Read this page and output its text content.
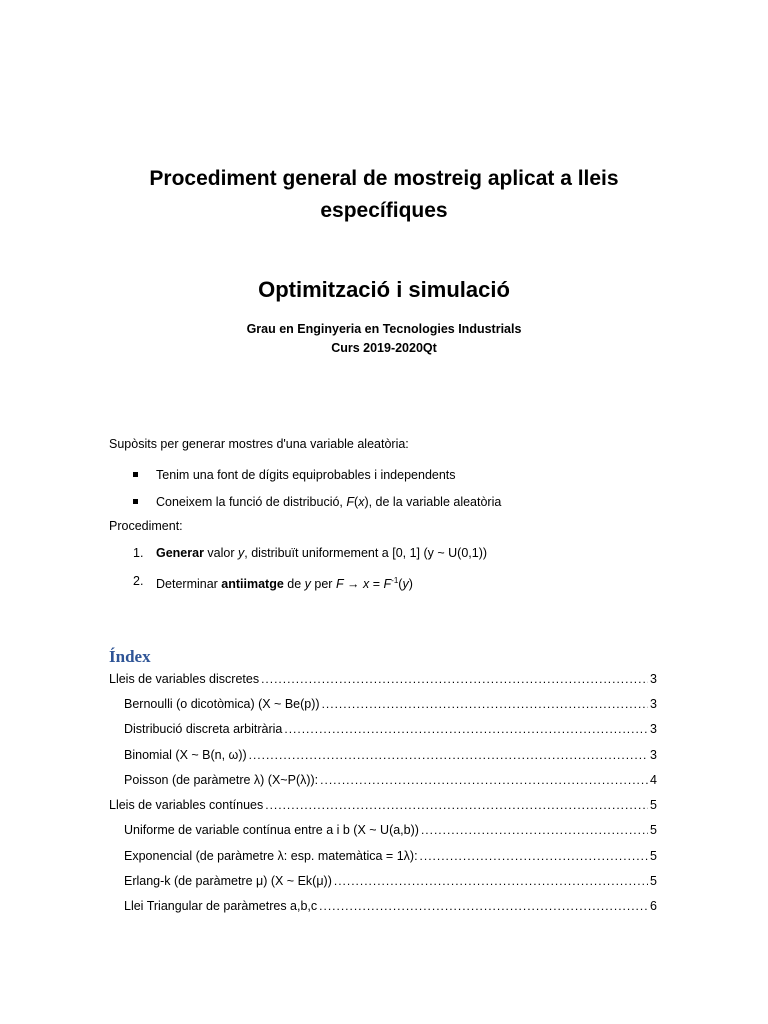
Procediment general de mostreig aplicat a lleis
específiques
Optimització i simulació

Grau en Enginyeria en Tecnologies Industrials

Curs 2019-2020Qt

Supòsits per generar mostres d'una variable aleatòria:
Tenim una font de dígits equiprobables i independents
Coneixem la funció de distribució, F(x), de la variable aleatòria
Procediment:
1. Generar valor y, distribuït uniformement a [0, 1] (y ~ U(0,1))
2. Determinar antiimatge de y per $F \to x = F^{-1}(y)$
Índex
Lleis de variables discretes .....	3
Bernoulli (o dicotòmica) (X ~ Be(p)) .....	3
Distribució discreta arbitrària .....	3
Binomial (X ~ B(n, ω)) .....	3
Poisson (de paràmetre λ) (X~P(λ)): .....	4
Lleis de variables contínues .....	5
Uniforme de variable contínua entre a i b (X ~ U(a,b)) .....	5
Exponencial (de paràmetre λ: esp. matemàtica = 1λ): .....	5
Erlang-k (de paràmetre μ) (X ~ Ek(μ)) .....	5
Llei Triangular de paràmetres a,b,c .....	6
